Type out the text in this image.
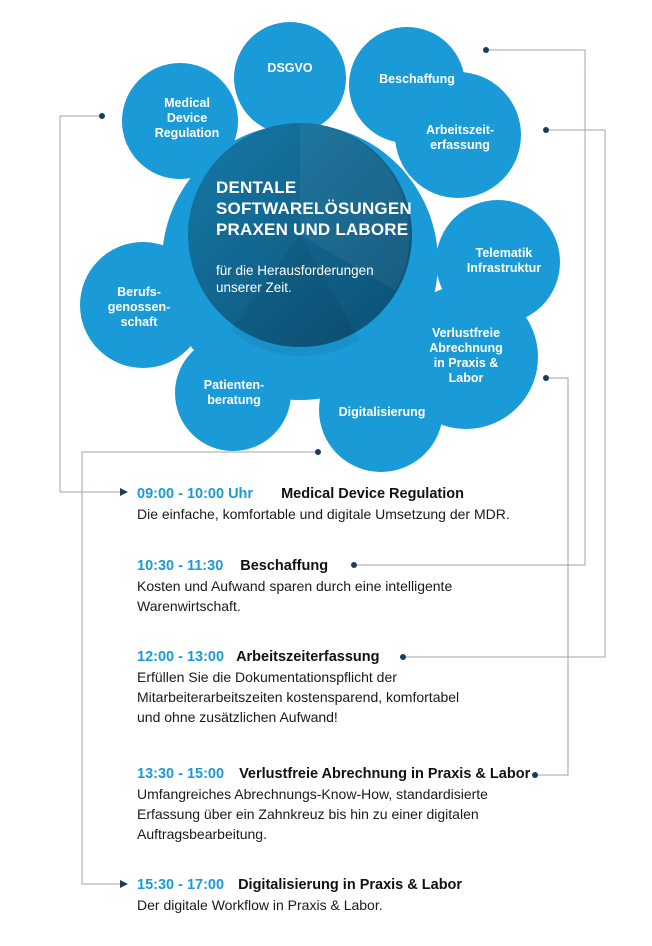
DSGVO
Medical
Device
Regulation
Beschaffung
Arbeitszeit-
erfassung
Telematik
Infrastruktur
Verlustfreie
Abrechnung
in Praxis &
Labor
Digitalisierung
Patienten-
beratung
Berufs-
genossen-
schaft
DENTALE
SOFTWARELÖSUNGEN
PRAXEN UND LABORE
für die Herausforderungen
unserer Zeit.
09:00 - 10:00 Uhr Medical Device Regulation
Die einfache, komfortable und digitale Umsetzung der MDR.
10:30 - 11:30 Beschaffung
Kosten und Aufwand sparen durch eine intelligente
Warenwirtschaft.
12:00 - 13:00 Arbeitszeiterfassung
Erfüllen Sie die Dokumentationspflicht der
Mitarbeiterarbeitszeiten kostensparend, komfortabel
und ohne zusätzlichen Aufwand!
13:30 - 15:00 Verlustfreie Abrechnung in Praxis & Labor
Umfangreiches Abrechnungs-Know-How, standardisierte
Erfassung über ein Zahnkreuz bis hin zu einer digitalen
Auftragsbearbeitung.
15:30 - 17:00 Digitalisierung in Praxis & Labor
Der digitale Workflow in Praxis & Labor.
